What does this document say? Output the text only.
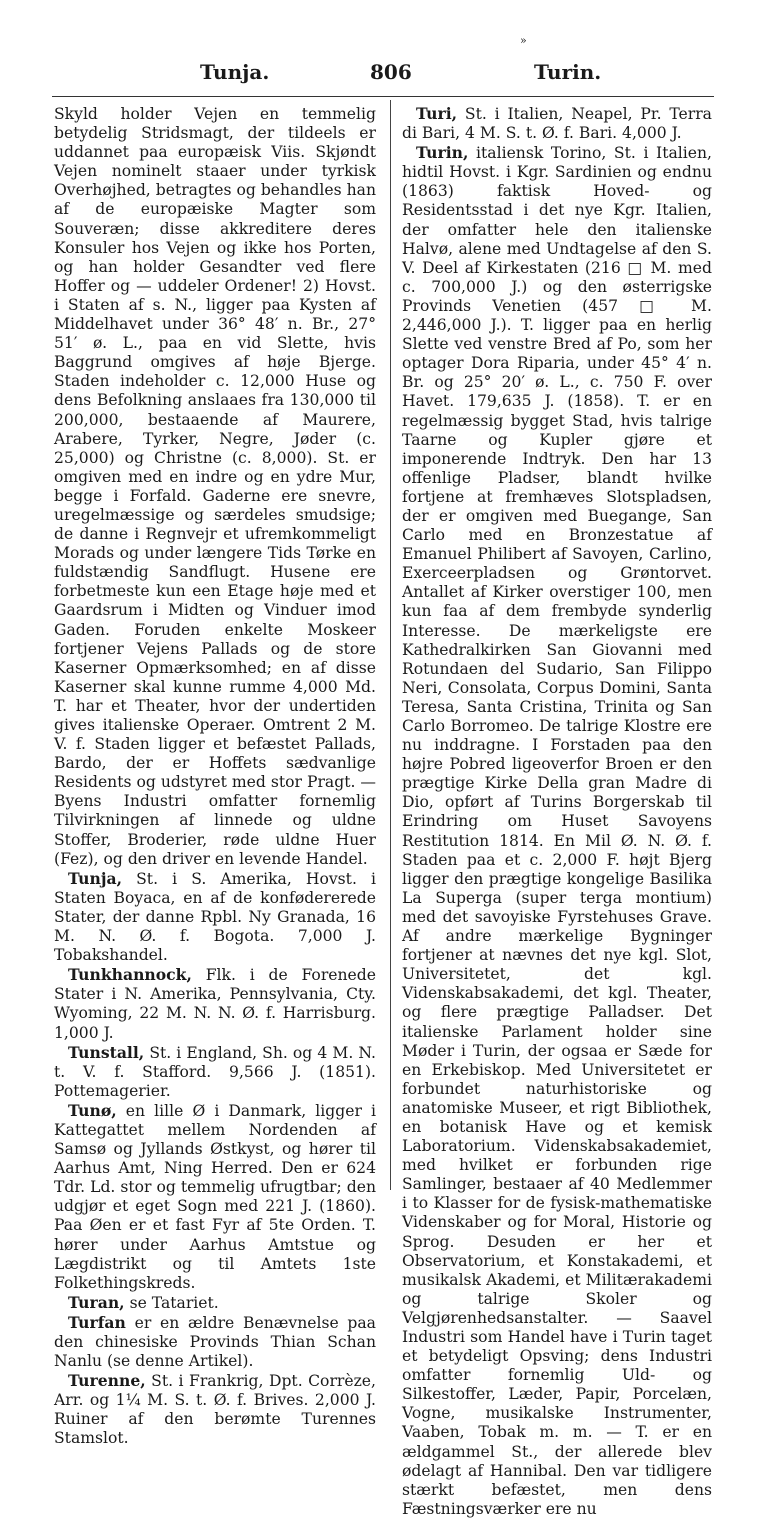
»
Tunja.	806	Turin.

Skyld holder Vejen en temmelig betydelig Stridsmagt, der tildeels er uddannet paa europæisk Viis. Skjøndt Vejen nominelt staaer under tyrkisk Overhøjhed, betragtes og behandles han af de europæiske Magter som Souveræn; disse akkrediterе deres Konsuler hos Vejen og ikke hos Porten, og han holder Gesandter ved flere Hoffer og — uddeler Ordener! 2) Hovst. i Staten af s. N., ligger paa Kysten af Middelhavet under 36° 48′ n. Br., 27° 51′ ø. L., paa en vid Slette, hvis Baggrund omgives af høje Bjerge. Staden indeholder c. 12,000 Huse og dens Befolkning anslaaes fra 130,000 til 200,000, bestaaende af Maurere, Arabere, Tyrker, Negre, Jøder (c. 25,000) og Christne (c. 8,000). St. er omgiven med en indre og en ydre Mur, begge i Forfald. Gaderne ere snevre, uregelmæssige og særdeles smudsige; de danne i Regnvejr et ufremkommeligt Morads og under længere Tids Tørke en fuldstændig Sandflugt. Husene ere forbetmeste kun een Etage høje med et Gaardsrum i Midten og Vinduer imod Gaden. Foruden enkelte Moskeer fortjener Vejens Pallads og de store Kaserner Opmærksomhed; en af disse Kaserner skal kunne rumme 4,000 Md. T. har et Theater, hvor der undertiden gives italienske Operaer. Omtrent 2 M. V. f. Staden ligger et befæstet Pallads, Bardo, der er Hoffets sædvanlige Residents og udstyret med stor Pragt. — Byens Industri omfatter fornemlig Tilvirkningen af linnede og uldne Stoffer, Broderier, røde uldne Huer (Fez), og den driver en levende Handel.

Tunja, St. i S. Amerika, Hovst. i Staten Boyaca, en af de konfødererede Stater, der danne Rpbl. Ny Granada, 16 M. N. Ø. f. Bogota. 7,000 J. Tobakshandel.

Tunkhannock, Flk. i de Forenede Stater i N. Amerika, Pennsylvania, Cty. Wyoming, 22 M. N. N. Ø. f. Harrisburg. 1,000 J.

Tunstall, St. i England, Sh. og 4 M. N. t. V. f. Stafford. 9,566 J. (1851). Pottemagerier.

Tunø, en lille Ø i Danmark, ligger i Kattegattet mellem Nordenden af Samsø og Jyllands Østkyst, og hører til Aarhus Amt, Ning Herred. Den er 624 Tdr. Ld. stor og temmelig ufrugtbar; den udgjør et eget Sogn med 221 J. (1860). Paa Øen er et fast Fyr af 5te Orden. T. hører under Aarhus Amtstue og Lægdistrikt og til Amtets 1ste Folkethingskreds.

Turan, se Tatariet.

Turfan er en ældre Benævnelse paa den chinesiske Provinds Thian Schan Nanlu (se denne Artikel).

Turenne, St. i Frankrig, Dpt. Corrèze, Arr. og 1¼ M. S. t. Ø. f. Brives. 2,000 J. Ruiner af den berømte Turennes Stamslot.

Turi, St. i Italien, Neapel, Pr. Terra di Bari, 4 M. S. t. Ø. f. Bari. 4,000 J.

Turin, italiensk Torino, St. i Italien, hidtil Hovst. i Kgr. Sardinien og endnu (1863) faktisk Hoved- og Residentsstad i det nye Kgr. Italien, der omfatter hele den italienske Halvø, alene med Undtagelse af den S. V. Deel af Kirkestaten (216 □ M. med c. 700,000 J.) og den østerrigske Provinds Venetien (457 □ M. 2,446,000 J.). T. ligger paa en herlig Slette ved venstre Bred af Po, som her optager Dora Riparia, under 45° 4′ n. Br. og 25° 20′ ø. L., c. 750 F. over Havet. 179,635 J. (1858). T. er en regelmæssig bygget Stad, hvis talrige Taarne og Kupler gjøre et imponerende Indtryk. Den har 13 offenlige Pladser, blandt hvilke fortjene at fremhæves Slotspladsen, der er omgiven med Buegange, San Carlo med en Bronzestatue af Emanuel Philibert af Savoyen, Carlino, Exerceerpladsen og Grøntorvet. Antallet af Kirker overstiger 100, men kun faa af dem frembyde synderlig Interesse. De mærkeligste ere Kathedralkirken San Giovanni med Rotundaen del Sudario, San Filippo Neri, Consolata, Corpus Domini, Santa Teresa, Santa Cristina, Trinita og San Carlo Borromeo. De talrige Klostre ere nu inddragne. I Forstaden paa den højre Pobred ligeoverfor Broen er den prægtige Kirke Della gran Madre di Dio, opført af Turins Borgerskab til Erindring om Huset Savoyens Restitution 1814. En Mil Ø. N. Ø. f. Staden paa et c. 2,000 F. højt Bjerg ligger den prægtige kongelige Basilika La Superga (super terga montium) med det savoyiske Fyrstehuses Grave. Af andre mærkelige Bygninger fortjener at nævnes det nye kgl. Slot, Universitetet, det kgl. Videnskabsakademi, det kgl. Theater, og flere prægtige Palladser. Det italienske Parlament holder sine Møder i Turin, der ogsaa er Sæde for en Erkebiskop. Med Universitetet er forbundet naturhistoriske og anatomiske Museer, et rigt Bibliothek, en botanisk Have og et kemisk Laboratorium. Videnskabsakademiet, med hvilket er forbunden rige Samlinger, bestaaer af 40 Medlemmer i to Klasser for de fysisk-mathematiske Videnskaber og for Moral, Historie og Sprog. Desuden er her et Observatorium, et Konstakademi, et musikalsk Akademi, et Militærakademi og talrige Skoler og Velgjørenhedsanstalter. — Saavel Industri som Handel have i Turin taget et betydeligt Opsving; dens Industri omfatter fornemlig Uld- og Silkestoffer, Læder, Papir, Porcelæn, Vogne, musikalske Instrumenter, Vaaben, Tobak m. m. — T. er en ældgammel St., der allerede blev ødelagt af Hannibal. Den var tidligere stærkt befæstet, men dens Fæstningsværker ere nu
